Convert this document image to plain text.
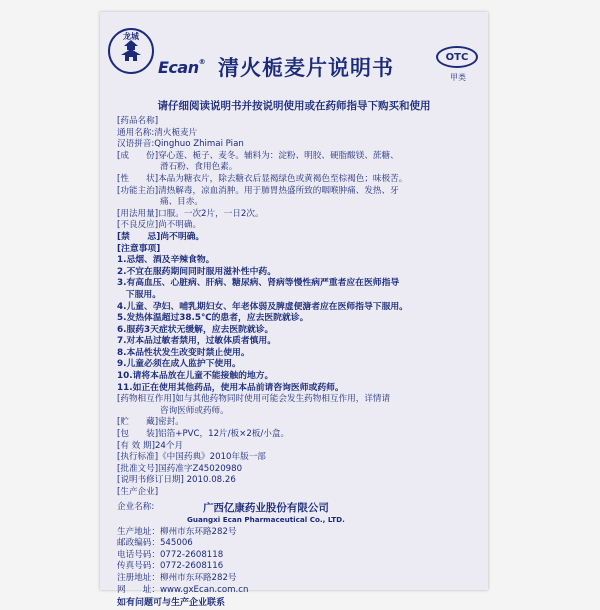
龙城
Ecan® 清火栀麦片说明书	OTC
甲类
请仔细阅读说明书并按说明使用或在药师指导下购买和使用
[药品名称]
通用名称:清火栀麦片
汉语拼音:Qinghuo Zhimai Pian
[成　　份]穿心莲、栀子、麦冬。辅料为：淀粉、明胶、硬脂酸镁、蔗糖、
　　　　　滑石粉、食用色素。
[性　　状]本品为糖衣片，除去糖衣后显褐绿色或黄褐色至棕褐色；味极苦。
[功能主治]清热解毒，凉血消肿。用于肺胃热盛所致的咽喉肿痛、发热、牙
　　　　　痛、目赤。
[用法用量]口服。一次2片，一日2次。
[不良反应]尚不明确。
[禁　　忌]尚不明确。
[注意事项]
1.忌烟、酒及辛辣食物。
2.不宜在服药期间同时服用滋补性中药。
3.有高血压、心脏病、肝病、糖尿病、肾病等慢性病严重者应在医师指导
　下服用。
4.儿童、孕妇、哺乳期妇女、年老体弱及脾虚便溏者应在医师指导下服用。
5.发热体温超过38.5℃的患者，应去医院就诊。
6.服药3天症状无缓解，应去医院就诊。
7.对本品过敏者禁用，过敏体质者慎用。
8.本品性状发生改变时禁止使用。
9.儿童必须在成人监护下使用。
10.请将本品放在儿童不能接触的地方。
11.如正在使用其他药品，使用本品前请咨询医师或药师。
[药物相互作用]如与其他药物同时使用可能会发生药物相互作用，详情请
　　　　　咨询医师或药师。
[贮　　藏]密封。
[包　　装]铝箔+PVC，12片/板×2板/小盒。
[有 效 期]24个月
[执行标准]《中国药典》2010年版一部
[批准文号]国药准字Z45020980
[说明书修订日期] 2010.08.26
[生产企业]
企业名称:	广西亿康药业股份有限公司
Guangxi Ecan Pharmaceutical Co., LTD.
生产地址：柳州市东环路282号
邮政编码：545006
电话号码：0772-2608118
传真号码：0772-2608116
注册地址：柳州市东环路282号
网　　址：www.gxEcan.com.cn
如有问题可与生产企业联系
